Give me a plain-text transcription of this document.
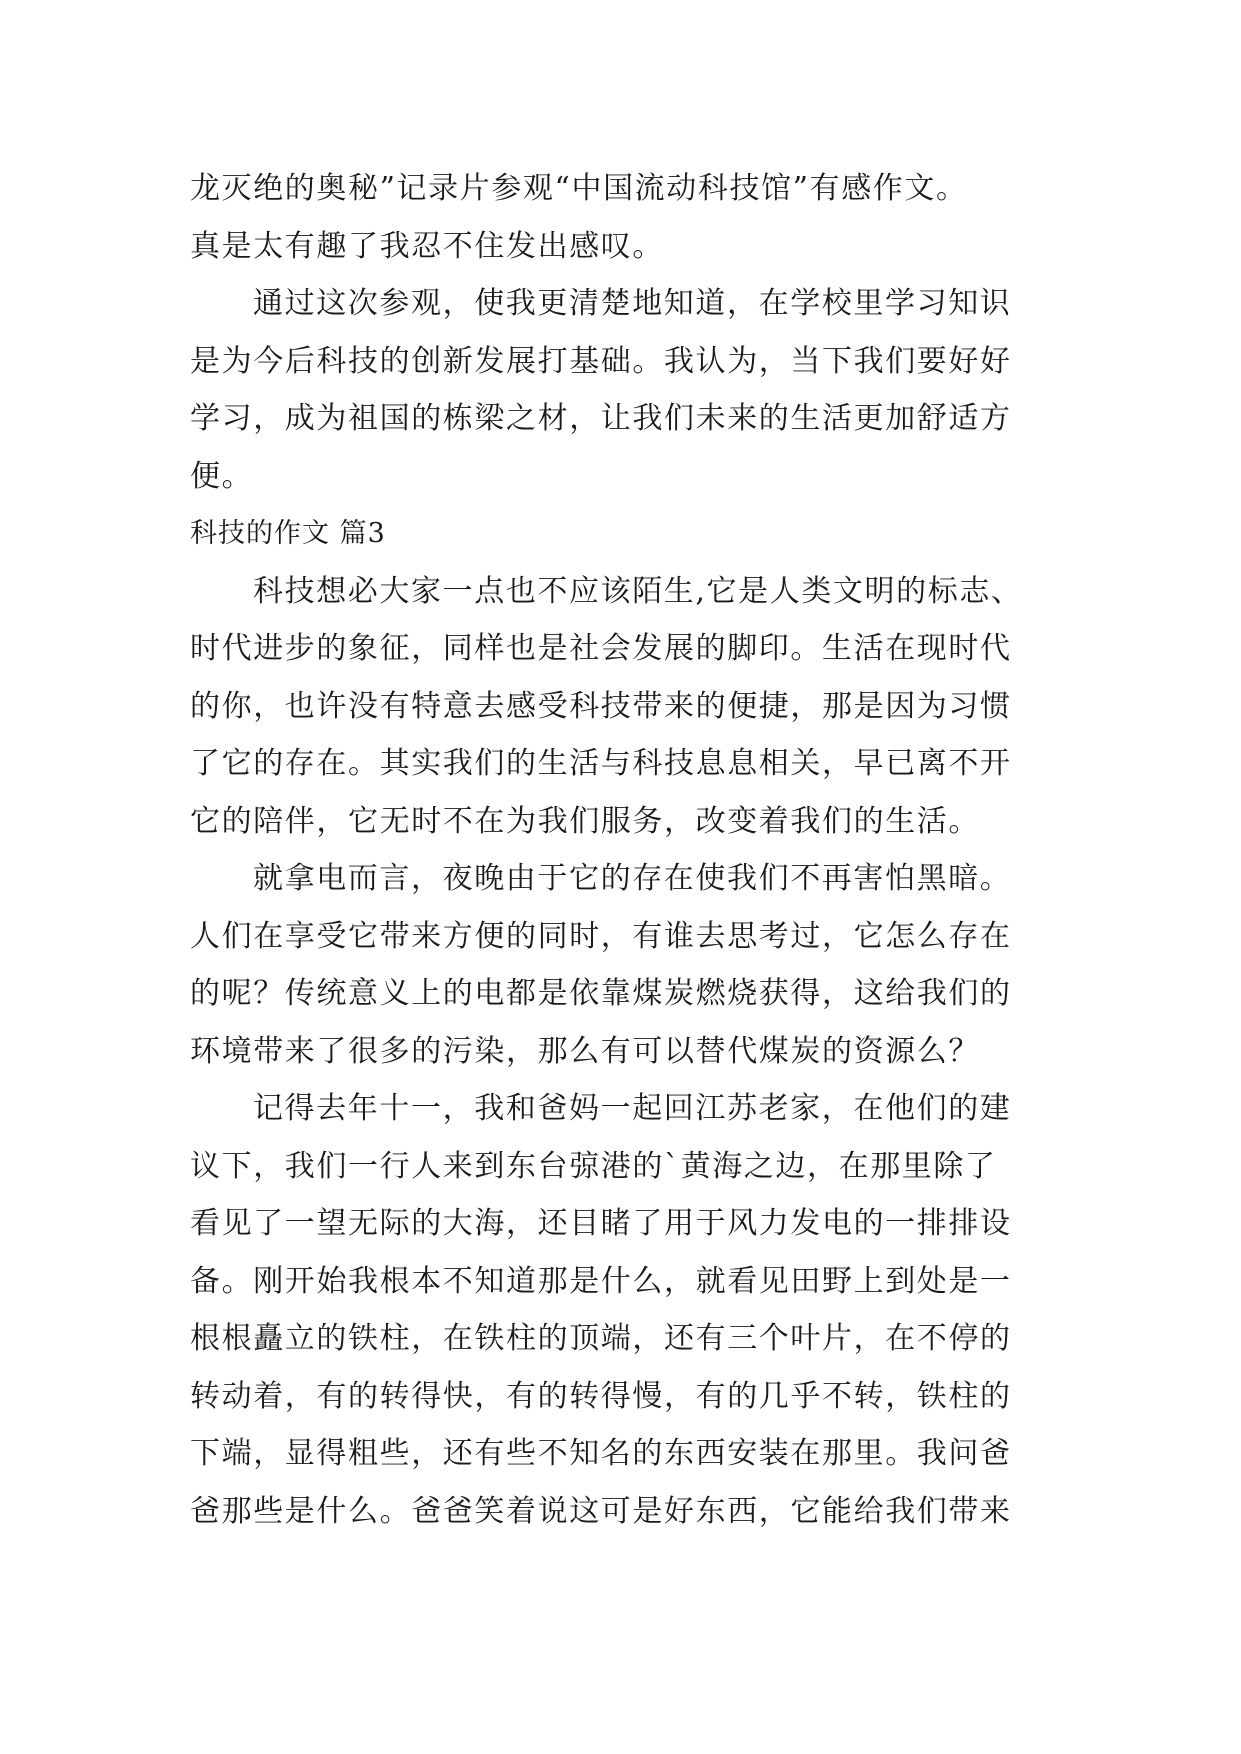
龙灭绝的奥秘”记录片参观“中国流动科技馆”有感作文。
真是太有趣了我忍不住发出感叹。
通过这次参观，使我更清楚地知道，在学校里学习知识
是为今后科技的创新发展打基础。我认为，当下我们要好好
学习，成为祖国的栋梁之材，让我们未来的生活更加舒适方
便。
科技的作文 篇3
科技想必大家一点也不应该陌生,它是人类文明的标志、
时代进步的象征，同样也是社会发展的脚印。生活在现时代
的你，也许没有特意去感受科技带来的便捷，那是因为习惯
了它的存在。其实我们的生活与科技息息相关，早已离不开
它的陪伴，它无时不在为我们服务，改变着我们的生活。
就拿电而言，夜晚由于它的存在使我们不再害怕黑暗。
人们在享受它带来方便的同时，有谁去思考过，它怎么存在
的呢？传统意义上的电都是依靠煤炭燃烧获得，这给我们的
环境带来了很多的污染，那么有可以替代煤炭的资源么？
记得去年十一，我和爸妈一起回江苏老家，在他们的建
议下，我们一行人来到东台弶港的`黄海之边，在那里除了
看见了一望无际的大海，还目睹了用于风力发电的一排排设
备。刚开始我根本不知道那是什么，就看见田野上到处是一
根根矗立的铁柱，在铁柱的顶端，还有三个叶片，在不停的
转动着，有的转得快，有的转得慢，有的几乎不转，铁柱的
下端，显得粗些，还有些不知名的东西安装在那里。我问爸
爸那些是什么。爸爸笑着说这可是好东西，它能给我们带来
